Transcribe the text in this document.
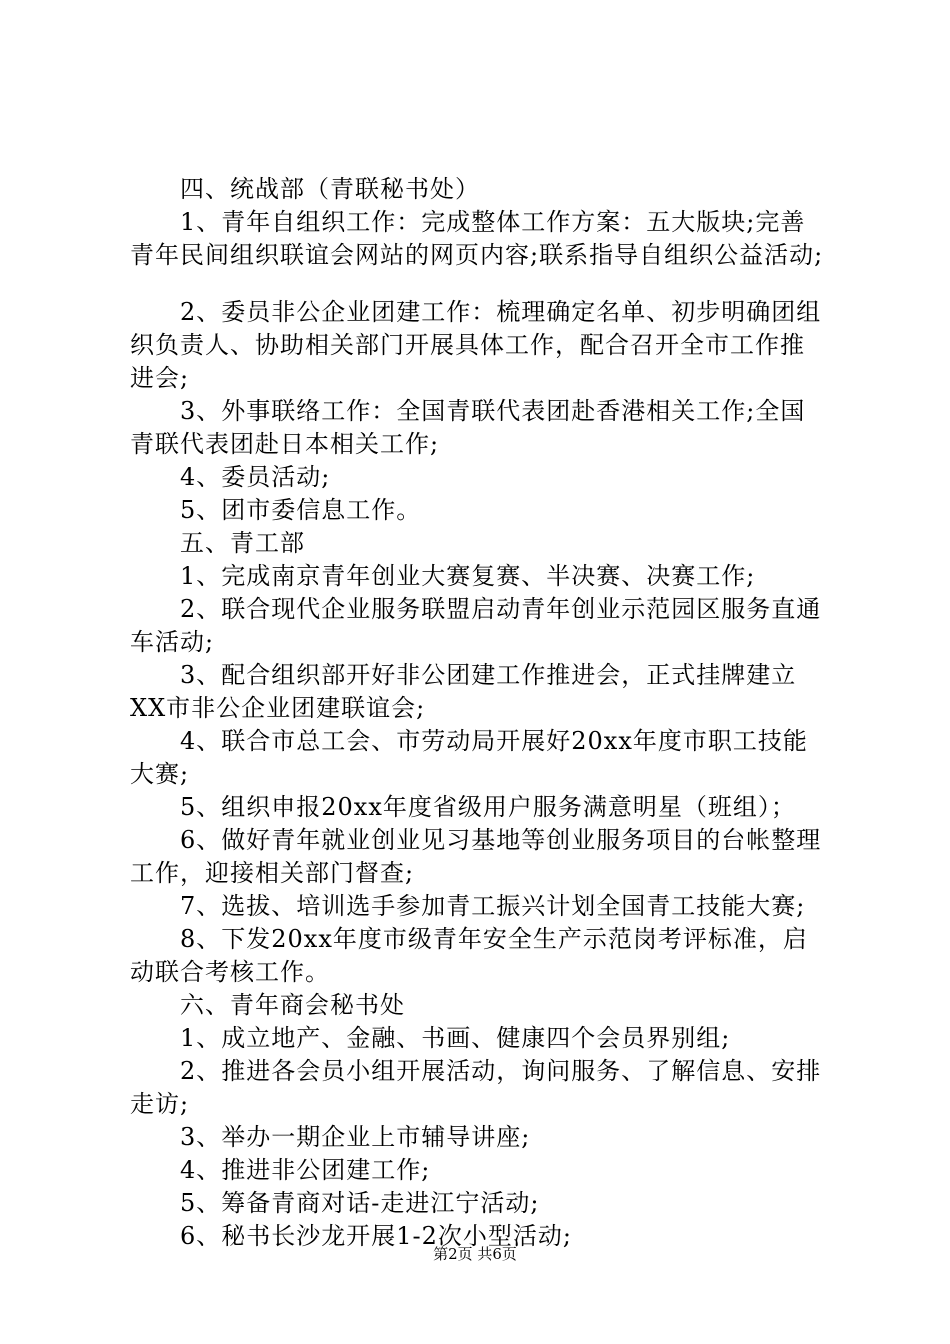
四、统战部（青联秘书处）
1、青年自组织工作：完成整体工作方案：五大版块;完善
青年民间组织联谊会网站的网页内容;联系指导自组织公益活动;
2、委员非公企业团建工作：梳理确定名单、初步明确团组
织负责人、协助相关部门开展具体工作，配合召开全市工作推
进会;
3、外事联络工作：全国青联代表团赴香港相关工作;全国
青联代表团赴日本相关工作;
4、委员活动;
5、团市委信息工作。
五、青工部
1、完成南京青年创业大赛复赛、半决赛、决赛工作;
2、联合现代企业服务联盟启动青年创业示范园区服务直通
车活动;
3、配合组织部开好非公团建工作推进会，正式挂牌建立
XX市非公企业团建联谊会;
4、联合市总工会、市劳动局开展好20xx年度市职工技能
大赛;
5、组织申报20xx年度省级用户服务满意明星（班组）；
6、做好青年就业创业见习基地等创业服务项目的台帐整理
工作，迎接相关部门督查;
7、选拔、培训选手参加青工振兴计划全国青工技能大赛;
8、下发20xx年度市级青年安全生产示范岗考评标准，启
动联合考核工作。
六、青年商会秘书处
1、成立地产、金融、书画、健康四个会员界别组;
2、推进各会员小组开展活动，询问服务、了解信息、安排
走访;
3、举办一期企业上市辅导讲座;
4、推进非公团建工作;
5、筹备青商对话-走进江宁活动;
6、秘书长沙龙开展1-2次小型活动;
第2页 共6页
